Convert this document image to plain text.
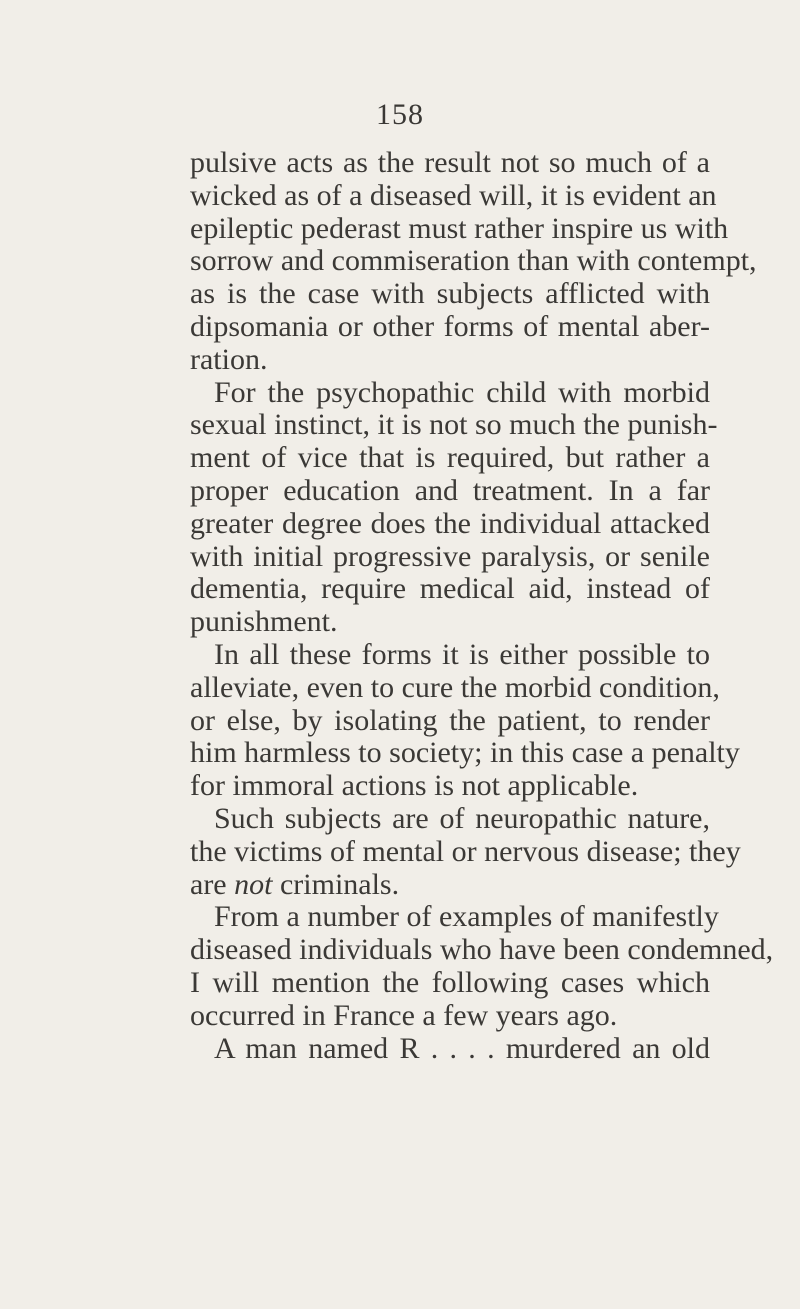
158
pulsive acts as the result not so much of a
wicked as of a diseased will, it is evident an
epileptic pederast must rather inspire us with
sorrow and commiseration than with contempt,
as is the case with subjects afflicted with
dipsomania or other forms of mental aber-
ration.
For the psychopathic child with morbid
sexual instinct, it is not so much the punish-
ment of vice that is required, but rather a
proper education and treatment. In a far
greater degree does the individual attacked
with initial progressive paralysis, or senile
dementia, require medical aid, instead of
punishment.
In all these forms it is either possible to
alleviate, even to cure the morbid condition,
or else, by isolating the patient, to render
him harmless to society; in this case a penalty
for immoral actions is not applicable.
Such subjects are of neuropathic nature,
the victims of mental or nervous disease; they
are not criminals.
From a number of examples of manifestly
diseased individuals who have been condemned,
I will mention the following cases which
occurred in France a few years ago.
A man named R . . . . murdered an old
